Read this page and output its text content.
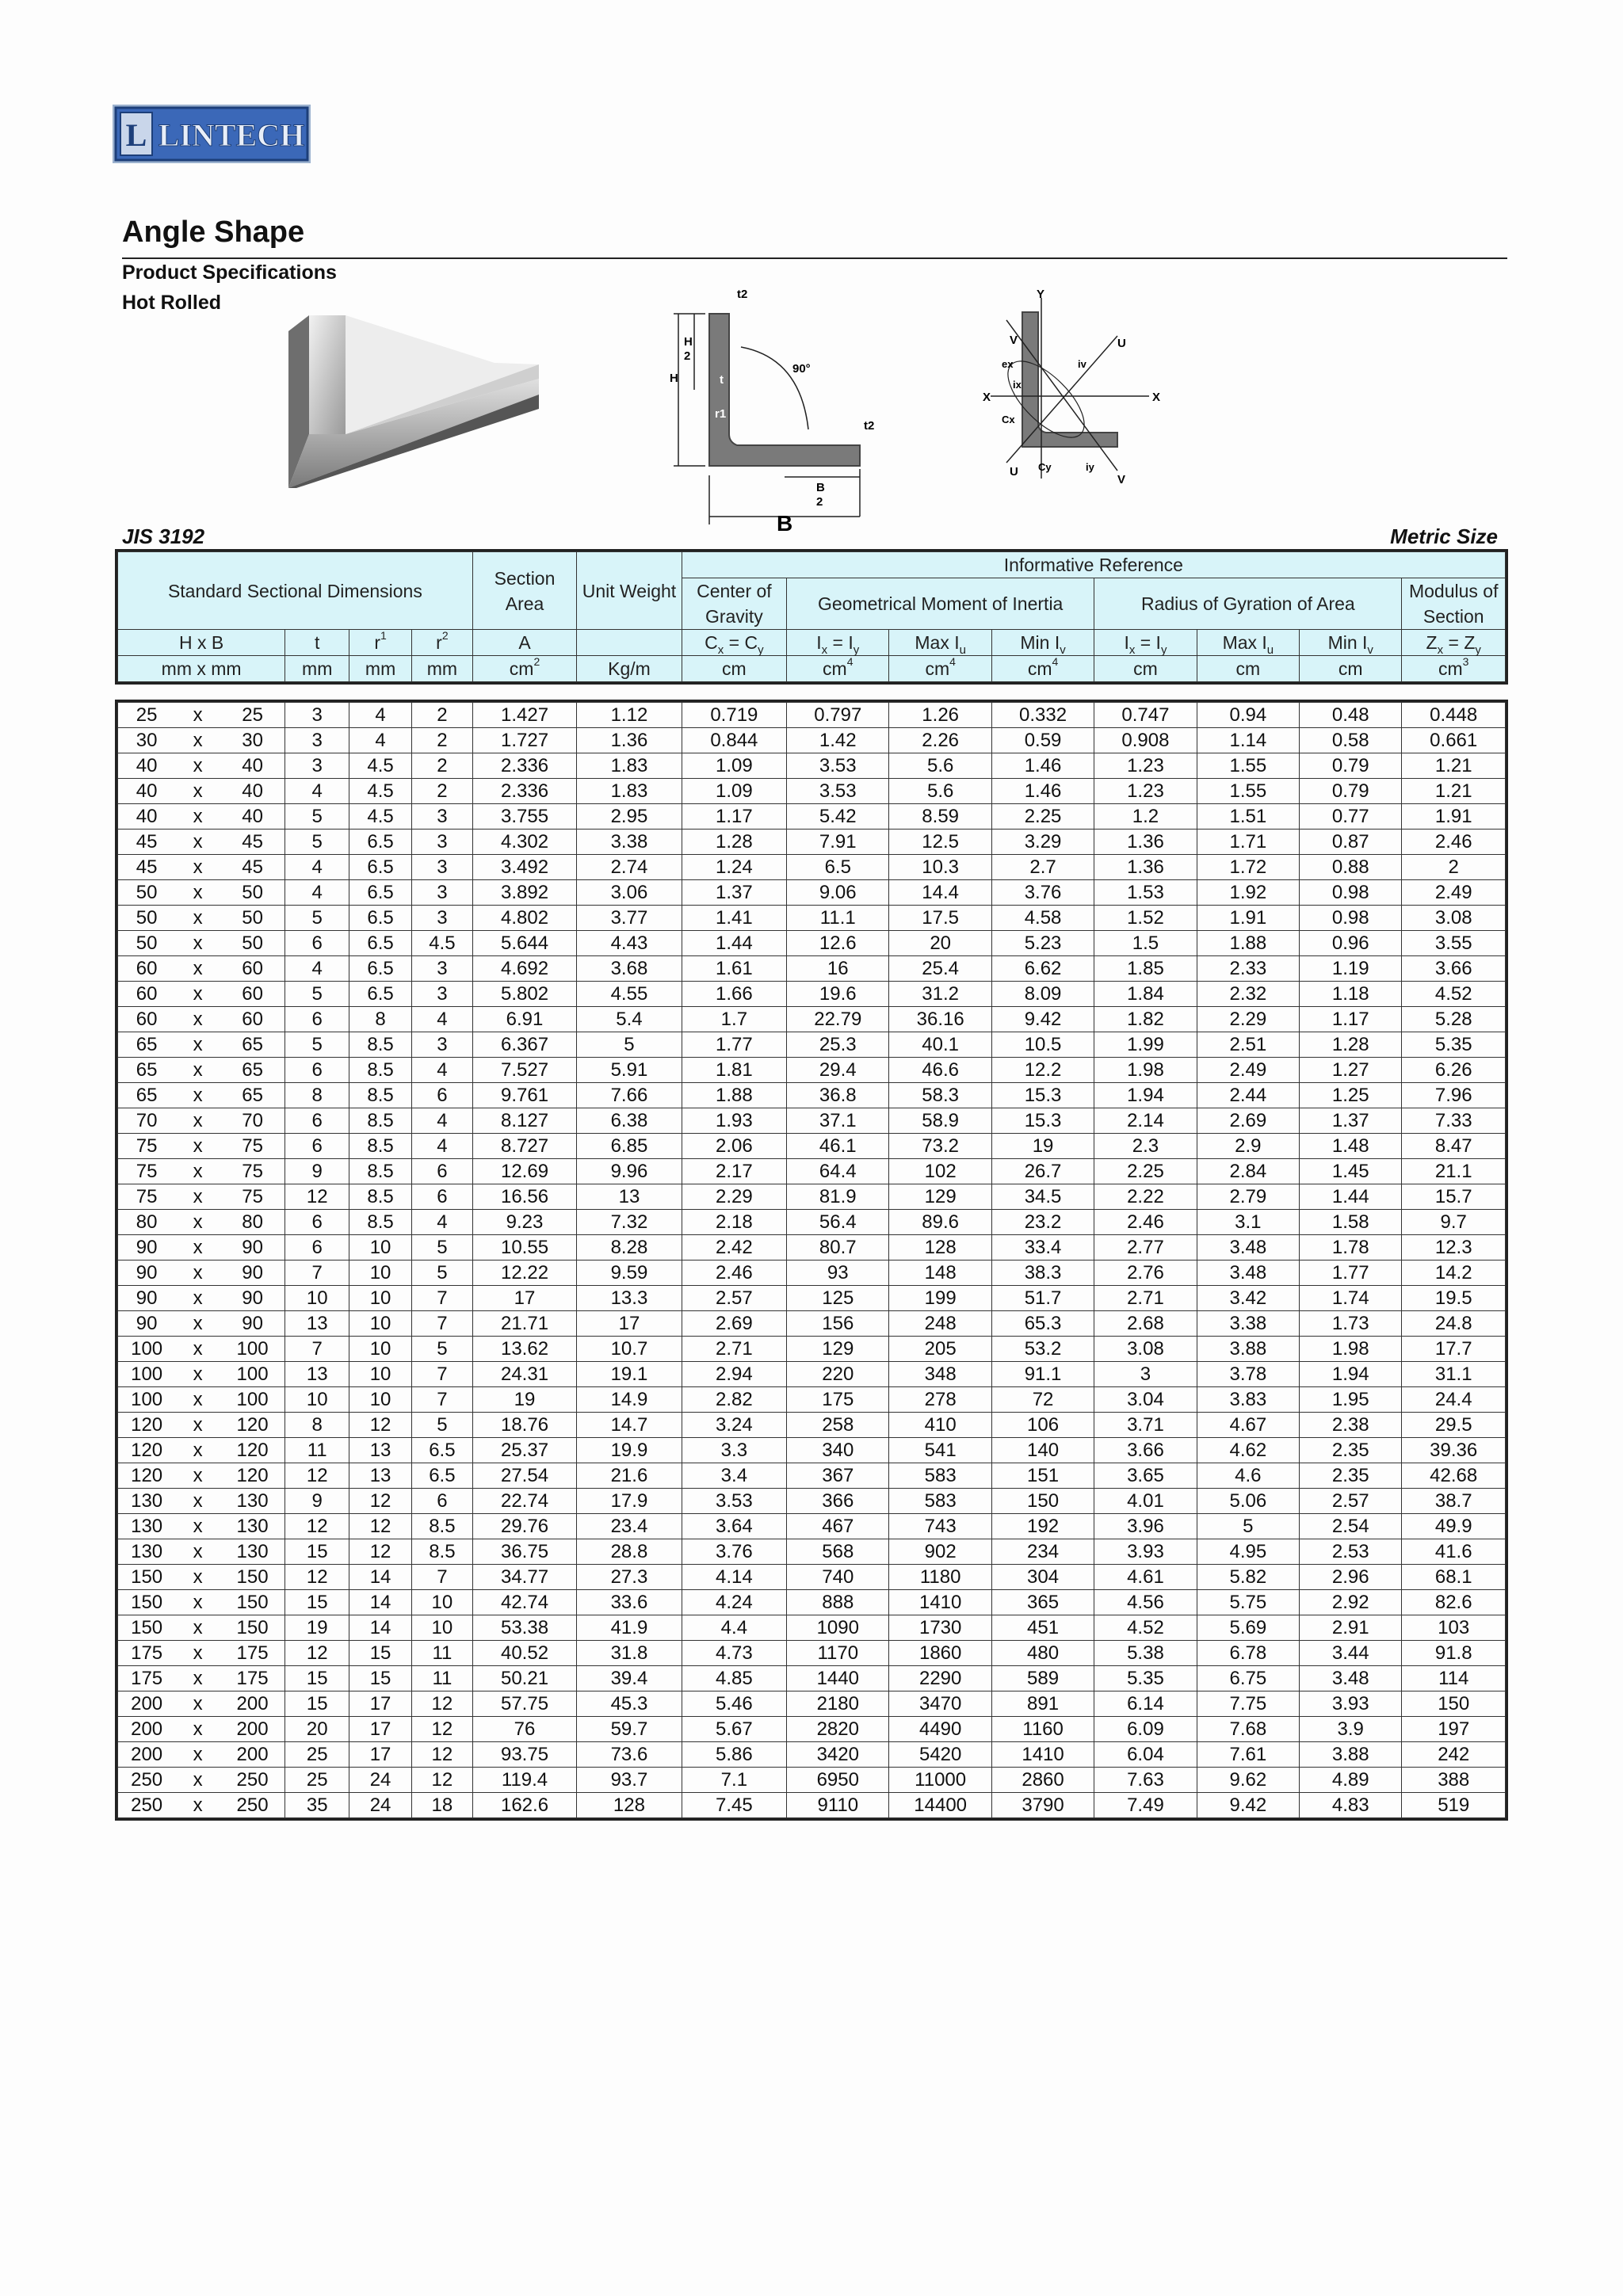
L LINTECH
Angle Shape
Product Specifications
Hot Rolled	t2
H
2
H
90°
t
r1
t2
B
2
B
Y
V	U
X	X
ex
ix
Cx
iv
Cy	iy
U
V
JIS 3192	Metric Size
Standard Sectional Dimensions				Section Area	Unit Weight	Informative Reference							
						Center of Gravity	Geometrical Moment of Inertia			Radius of Gyration of Area			Modulus of Section
H x B	t	$r^1$	$r^2$	A		$C_x = C_y$	$I_x = I_y$	Max $I_u$	Min $I_v$	$I_x = I_y$	Max $I_u$	Min $I_v$	$Z_x = Z_y$
mm x mm	mm	mm	mm	$cm^2$	Kg/m	cm	$cm^4$	$cm^4$	$cm^4$	cm	cm	cm	$cm^3$
25	x	25	3	4	2	1.427	1.12	0.719	0.797	1.26	0.332	0.747	0.94	0.48	0.448
30	x	30	3	4	2	1.727	1.36	0.844	1.42	2.26	0.59	0.908	1.14	0.58	0.661
40	x	40	3	4.5	2	2.336	1.83	1.09	3.53	5.6	1.46	1.23	1.55	0.79	1.21
40	x	40	4	4.5	2	2.336	1.83	1.09	3.53	5.6	1.46	1.23	1.55	0.79	1.21
40	x	40	5	4.5	3	3.755	2.95	1.17	5.42	8.59	2.25	1.2	1.51	0.77	1.91
45	x	45	5	6.5	3	4.302	3.38	1.28	7.91	12.5	3.29	1.36	1.71	0.87	2.46
45	x	45	4	6.5	3	3.492	2.74	1.24	6.5	10.3	2.7	1.36	1.72	0.88	2
50	x	50	4	6.5	3	3.892	3.06	1.37	9.06	14.4	3.76	1.53	1.92	0.98	2.49
50	x	50	5	6.5	3	4.802	3.77	1.41	11.1	17.5	4.58	1.52	1.91	0.98	3.08
50	x	50	6	6.5	4.5	5.644	4.43	1.44	12.6	20	5.23	1.5	1.88	0.96	3.55
60	x	60	4	6.5	3	4.692	3.68	1.61	16	25.4	6.62	1.85	2.33	1.19	3.66
60	x	60	5	6.5	3	5.802	4.55	1.66	19.6	31.2	8.09	1.84	2.32	1.18	4.52
60	x	60	6	8	4	6.91	5.4	1.7	22.79	36.16	9.42	1.82	2.29	1.17	5.28
65	x	65	5	8.5	3	6.367	5	1.77	25.3	40.1	10.5	1.99	2.51	1.28	5.35
65	x	65	6	8.5	4	7.527	5.91	1.81	29.4	46.6	12.2	1.98	2.49	1.27	6.26
65	x	65	8	8.5	6	9.761	7.66	1.88	36.8	58.3	15.3	1.94	2.44	1.25	7.96
70	x	70	6	8.5	4	8.127	6.38	1.93	37.1	58.9	15.3	2.14	2.69	1.37	7.33
75	x	75	6	8.5	4	8.727	6.85	2.06	46.1	73.2	19	2.3	2.9	1.48	8.47
75	x	75	9	8.5	6	12.69	9.96	2.17	64.4	102	26.7	2.25	2.84	1.45	21.1
75	x	75	12	8.5	6	16.56	13	2.29	81.9	129	34.5	2.22	2.79	1.44	15.7
80	x	80	6	8.5	4	9.23	7.32	2.18	56.4	89.6	23.2	2.46	3.1	1.58	9.7
90	x	90	6	10	5	10.55	8.28	2.42	80.7	128	33.4	2.77	3.48	1.78	12.3
90	x	90	7	10	5	12.22	9.59	2.46	93	148	38.3	2.76	3.48	1.77	14.2
90	x	90	10	10	7	17	13.3	2.57	125	199	51.7	2.71	3.42	1.74	19.5
90	x	90	13	10	7	21.71	17	2.69	156	248	65.3	2.68	3.38	1.73	24.8
100	x	100	7	10	5	13.62	10.7	2.71	129	205	53.2	3.08	3.88	1.98	17.7
100	x	100	13	10	7	24.31	19.1	2.94	220	348	91.1	3	3.78	1.94	31.1
100	x	100	10	10	7	19	14.9	2.82	175	278	72	3.04	3.83	1.95	24.4
120	x	120	8	12	5	18.76	14.7	3.24	258	410	106	3.71	4.67	2.38	29.5
120	x	120	11	13	6.5	25.37	19.9	3.3	340	541	140	3.66	4.62	2.35	39.36
120	x	120	12	13	6.5	27.54	21.6	3.4	367	583	151	3.65	4.6	2.35	42.68
130	x	130	9	12	6	22.74	17.9	3.53	366	583	150	4.01	5.06	2.57	38.7
130	x	130	12	12	8.5	29.76	23.4	3.64	467	743	192	3.96	5	2.54	49.9
130	x	130	15	12	8.5	36.75	28.8	3.76	568	902	234	3.93	4.95	2.53	41.6
150	x	150	12	14	7	34.77	27.3	4.14	740	1180	304	4.61	5.82	2.96	68.1
150	x	150	15	14	10	42.74	33.6	4.24	888	1410	365	4.56	5.75	2.92	82.6
150	x	150	19	14	10	53.38	41.9	4.4	1090	1730	451	4.52	5.69	2.91	103
175	x	175	12	15	11	40.52	31.8	4.73	1170	1860	480	5.38	6.78	3.44	91.8
175	x	175	15	15	11	50.21	39.4	4.85	1440	2290	589	5.35	6.75	3.48	114
200	x	200	15	17	12	57.75	45.3	5.46	2180	3470	891	6.14	7.75	3.93	150
200	x	200	20	17	12	76	59.7	5.67	2820	4490	1160	6.09	7.68	3.9	197
200	x	200	25	17	12	93.75	73.6	5.86	3420	5420	1410	6.04	7.61	3.88	242
250	x	250	25	24	12	119.4	93.7	7.1	6950	11000	2860	7.63	9.62	4.89	388
250	x	250	35	24	18	162.6	128	7.45	9110	14400	3790	7.49	9.42	4.83	519
